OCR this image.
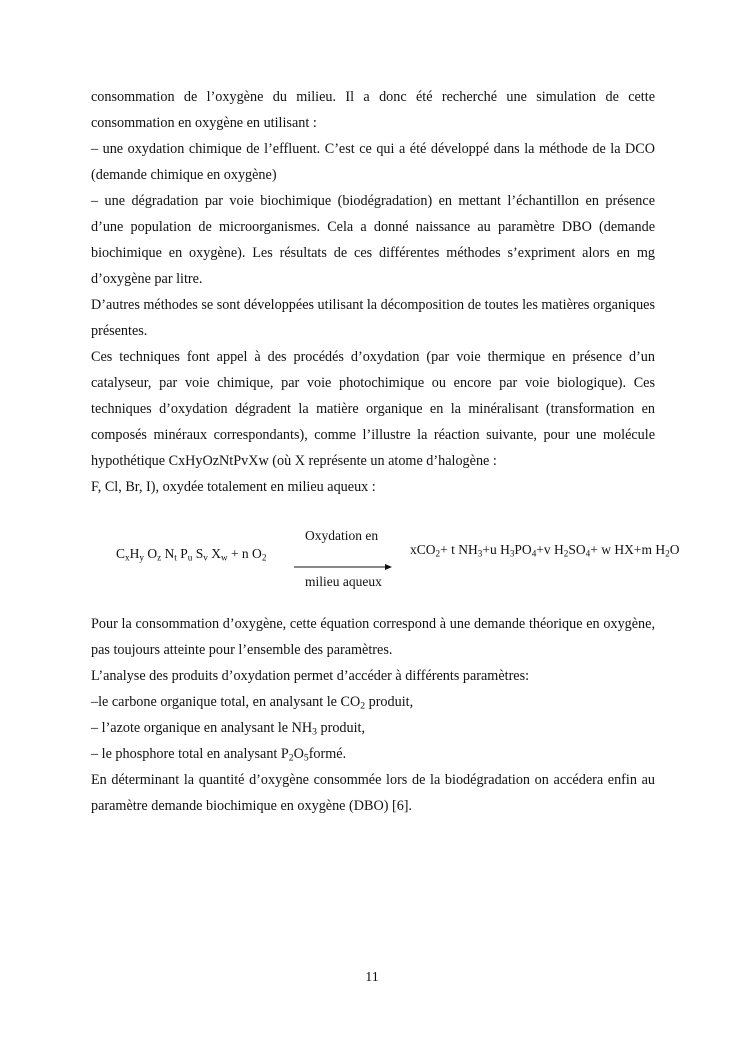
consommation de l’oxygène du milieu. Il a donc été recherché une simulation de cette consommation en oxygène en utilisant :

– une oxydation chimique de l’effluent. C’est ce qui a été développé dans la méthode de la DCO (demande chimique en oxygène)

– une dégradation par voie biochimique (biodégradation) en mettant l’échantillon en présence d’une population de microorganismes. Cela a donné naissance au paramètre DBO (demande biochimique en oxygène). Les résultats de ces différentes méthodes s’expriment alors en mg d’oxygène par litre.

D’autres méthodes se sont développées utilisant la décomposition de toutes les matières organiques présentes.

Ces techniques font appel à des procédés d’oxydation (par voie thermique en présence d’un catalyseur, par voie chimique, par voie photochimique ou encore par voie biologique). Ces techniques d’oxydation dégradent la matière organique en la minéralisant (transformation en composés minéraux correspondants), comme l’illustre la réaction suivante, pour une molécule hypothétique CxHyOzNtPvXw (où X représente un atome d’halogène :

F, Cl, Br, I), oxydée totalement en milieu aqueux :

$C_xH_y$ $O_z$ $N_t$ $P_u$ $S_v$ $X_w + n$ $O_2$
Oxydation en
milieu aqueux
xCO$_2$+ t $NH_3+u$ $H_3PO_4+v$ $H_2SO_4+ w$ HX+m $H_2O$

Pour la consommation d’oxygène, cette équation correspond à une demande théorique en oxygène, pas toujours atteinte pour l’ensemble des paramètres.

L’analyse des produits d’oxydation permet d’accéder à différents paramètres:

–le carbone organique total, en analysant le $CO_2$ produit,

– l’azote organique en analysant le $NH_3$ produit,

– le phosphore total en analysant $P_2O_5formé$.

En déterminant la quantité d’oxygène consommée lors de la biodégradation on accédera enfin au paramètre demande biochimique en oxygène (DBO) [6].

11
